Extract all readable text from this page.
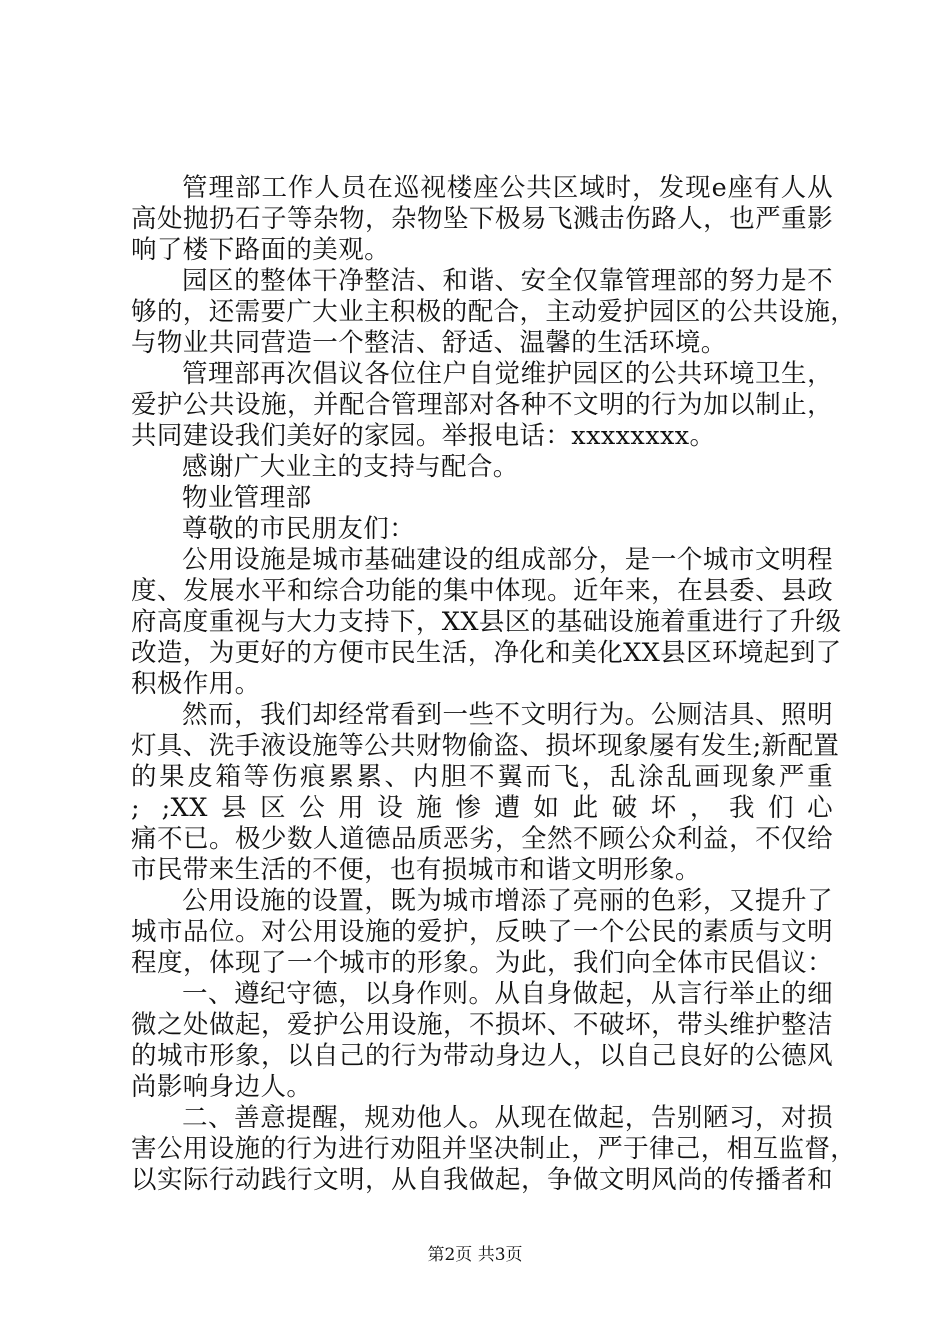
管理部工作人员在巡视楼座公共区域时，发现e座有人从
高处抛扔石子等杂物，杂物坠下极易飞溅击伤路人，也严重影
响了楼下路面的美观。
园区的整体干净整洁、和谐、安全仅靠管理部的努力是不
够的，还需要广大业主积极的配合，主动爱护园区的公共设施，
与物业共同营造一个整洁、舒适、温馨的生活环境。
管理部再次倡议各位住户自觉维护园区的公共环境卫生，
爱护公共设施，并配合管理部对各种不文明的行为加以制止，
共同建设我们美好的家园。举报电话：xxxxxxxx。
感谢广大业主的支持与配合。
物业管理部
尊敬的市民朋友们：
公用设施是城市基础建设的组成部分，是一个城市文明程
度、发展水平和综合功能的集中体现。近年来，在县委、县政
府高度重视与大力支持下，XX县区的基础设施着重进行了升级
改造，为更好的方便市民生活，净化和美化XX县区环境起到了
积极作用。
然而，我们却经常看到一些不文明行为。公厕洁具、照明
灯具、洗手液设施等公共财物偷盗、损坏现象屡有发生;新配置
的果皮箱等伤痕累累、内胆不翼而飞，乱涂乱画现象严重
; ;XX县区公用设施惨遭如此破坏，我们心
痛不已。极少数人道德品质恶劣，全然不顾公众利益，不仅给
市民带来生活的不便，也有损城市和谐文明形象。
公用设施的设置，既为城市增添了亮丽的色彩，又提升了
城市品位。对公用设施的爱护，反映了一个公民的素质与文明
程度，体现了一个城市的形象。为此，我们向全体市民倡议：
一、遵纪守德，以身作则。从自身做起，从言行举止的细
微之处做起，爱护公用设施，不损坏、不破坏，带头维护整洁
的城市形象，以自己的行为带动身边人，以自己良好的公德风
尚影响身边人。
二、善意提醒，规劝他人。从现在做起，告别陋习，对损
害公用设施的行为进行劝阻并坚决制止，严于律己，相互监督，
以实际行动践行文明，从自我做起，争做文明风尚的传播者和
第2页 共3页
